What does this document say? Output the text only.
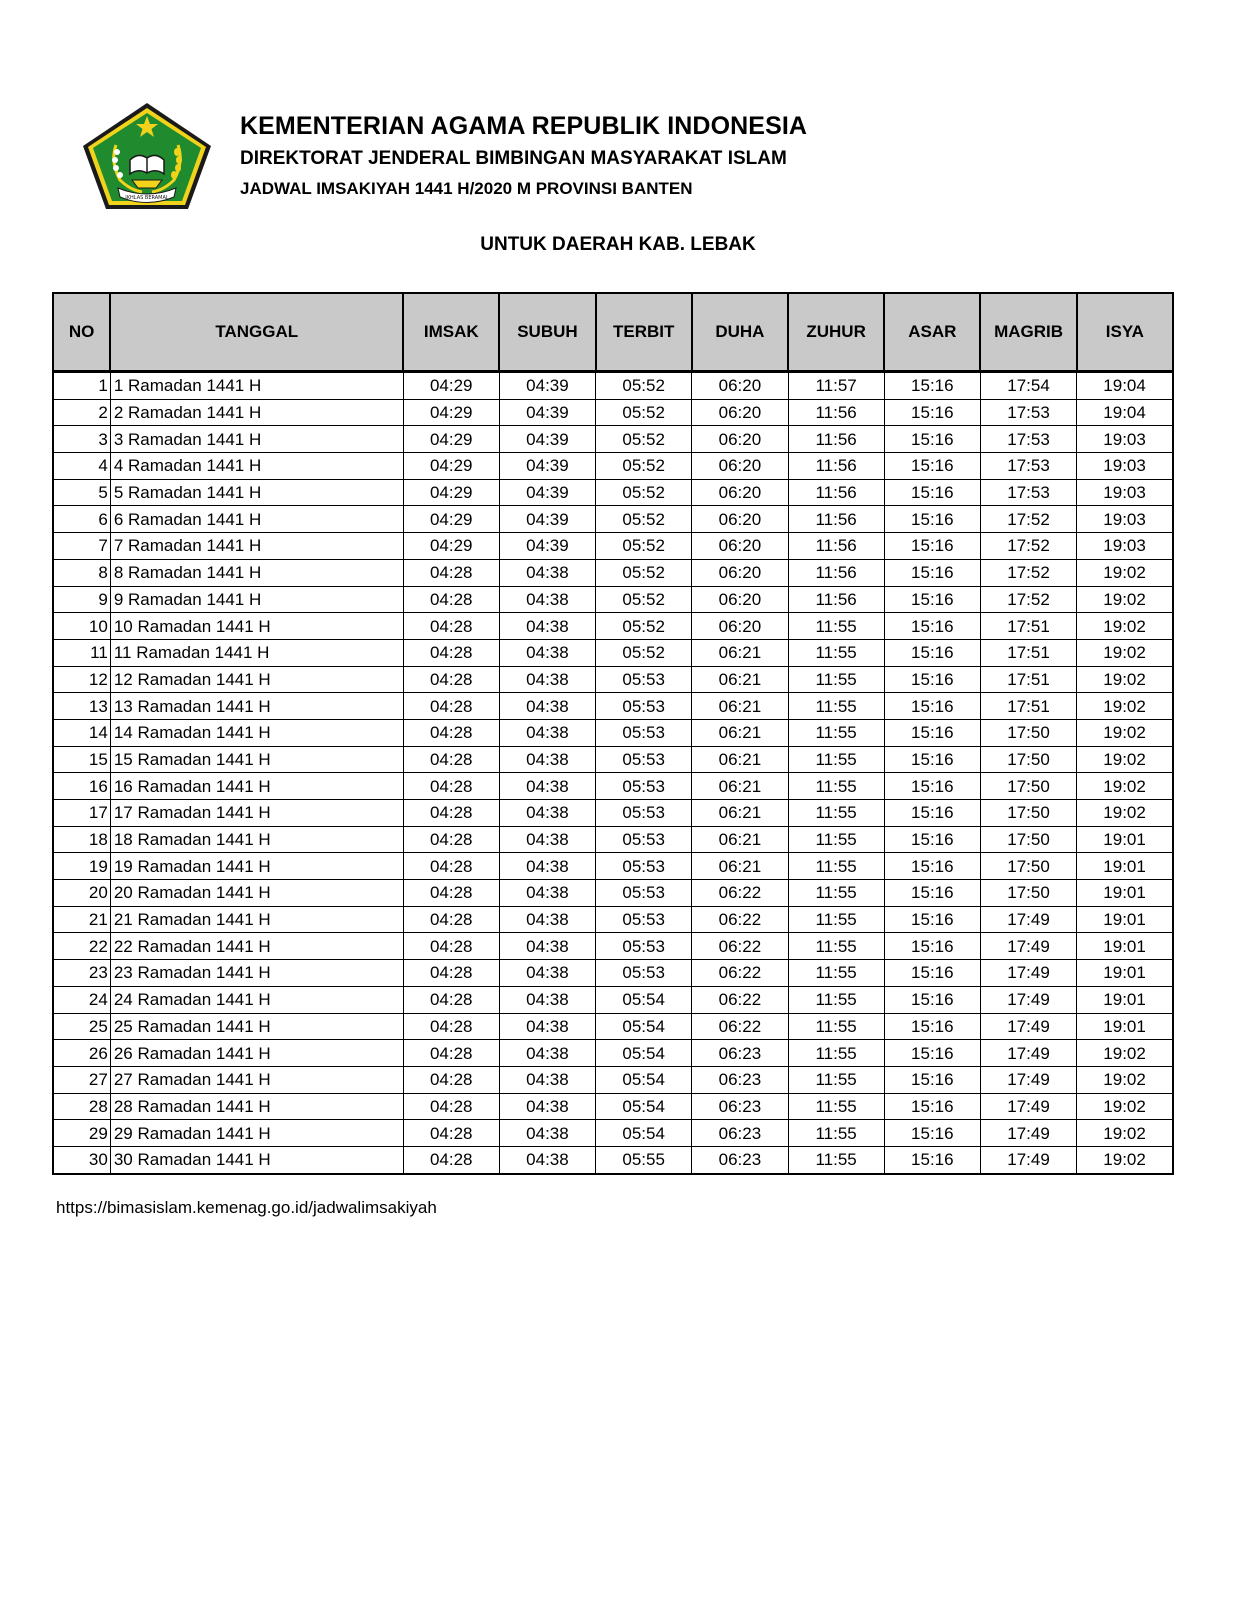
IKHLAS BERAMAL
KEMENTERIAN AGAMA REPUBLIK INDONESIA
DIREKTORAT JENDERAL BIMBINGAN MASYARAKAT ISLAM
JADWAL IMSAKIYAH 1441 H/2020 M PROVINSI BANTEN
UNTUK DAERAH KAB. LEBAK
NO	TANGGAL	IMSAK	SUBUH	TERBIT	DUHA	ZUHUR	ASAR	MAGRIB	ISYA
1	1 Ramadan 1441 H	04:29	04:39	05:52	06:20	11:57	15:16	17:54	19:04
2	2 Ramadan 1441 H	04:29	04:39	05:52	06:20	11:56	15:16	17:53	19:04
3	3 Ramadan 1441 H	04:29	04:39	05:52	06:20	11:56	15:16	17:53	19:03
4	4 Ramadan 1441 H	04:29	04:39	05:52	06:20	11:56	15:16	17:53	19:03
5	5 Ramadan 1441 H	04:29	04:39	05:52	06:20	11:56	15:16	17:53	19:03
6	6 Ramadan 1441 H	04:29	04:39	05:52	06:20	11:56	15:16	17:52	19:03
7	7 Ramadan 1441 H	04:29	04:39	05:52	06:20	11:56	15:16	17:52	19:03
8	8 Ramadan 1441 H	04:28	04:38	05:52	06:20	11:56	15:16	17:52	19:02
9	9 Ramadan 1441 H	04:28	04:38	05:52	06:20	11:56	15:16	17:52	19:02
10	10 Ramadan 1441 H	04:28	04:38	05:52	06:20	11:55	15:16	17:51	19:02
11	11 Ramadan 1441 H	04:28	04:38	05:52	06:21	11:55	15:16	17:51	19:02
12	12 Ramadan 1441 H	04:28	04:38	05:53	06:21	11:55	15:16	17:51	19:02
13	13 Ramadan 1441 H	04:28	04:38	05:53	06:21	11:55	15:16	17:51	19:02
14	14 Ramadan 1441 H	04:28	04:38	05:53	06:21	11:55	15:16	17:50	19:02
15	15 Ramadan 1441 H	04:28	04:38	05:53	06:21	11:55	15:16	17:50	19:02
16	16 Ramadan 1441 H	04:28	04:38	05:53	06:21	11:55	15:16	17:50	19:02
17	17 Ramadan 1441 H	04:28	04:38	05:53	06:21	11:55	15:16	17:50	19:02
18	18 Ramadan 1441 H	04:28	04:38	05:53	06:21	11:55	15:16	17:50	19:01
19	19 Ramadan 1441 H	04:28	04:38	05:53	06:21	11:55	15:16	17:50	19:01
20	20 Ramadan 1441 H	04:28	04:38	05:53	06:22	11:55	15:16	17:50	19:01
21	21 Ramadan 1441 H	04:28	04:38	05:53	06:22	11:55	15:16	17:49	19:01
22	22 Ramadan 1441 H	04:28	04:38	05:53	06:22	11:55	15:16	17:49	19:01
23	23 Ramadan 1441 H	04:28	04:38	05:53	06:22	11:55	15:16	17:49	19:01
24	24 Ramadan 1441 H	04:28	04:38	05:54	06:22	11:55	15:16	17:49	19:01
25	25 Ramadan 1441 H	04:28	04:38	05:54	06:22	11:55	15:16	17:49	19:01
26	26 Ramadan 1441 H	04:28	04:38	05:54	06:23	11:55	15:16	17:49	19:02
27	27 Ramadan 1441 H	04:28	04:38	05:54	06:23	11:55	15:16	17:49	19:02
28	28 Ramadan 1441 H	04:28	04:38	05:54	06:23	11:55	15:16	17:49	19:02
29	29 Ramadan 1441 H	04:28	04:38	05:54	06:23	11:55	15:16	17:49	19:02
30	30 Ramadan 1441 H	04:28	04:38	05:55	06:23	11:55	15:16	17:49	19:02
https://bimasislam.kemenag.go.id/jadwalimsakiyah
